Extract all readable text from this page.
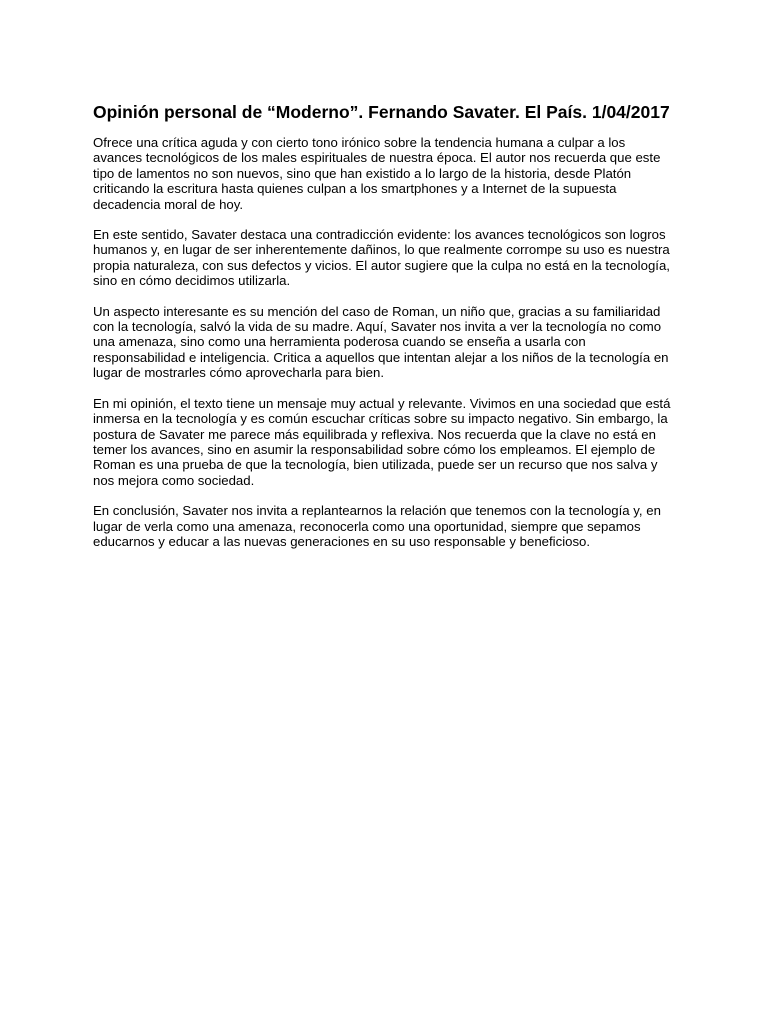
Opinión personal de “Moderno”. Fernando Savater. El País. 1/04/2017

Ofrece una crítica aguda y con cierto tono irónico sobre la tendencia humana a culpar a los avances tecnológicos de los males espirituales de nuestra época. El autor nos recuerda que este tipo de lamentos no son nuevos, sino que han existido a lo largo de la historia, desde Platón criticando la escritura hasta quienes culpan a los smartphones y a Internet de la supuesta decadencia moral de hoy.

En este sentido, Savater destaca una contradicción evidente: los avances tecnológicos son logros humanos y, en lugar de ser inherentemente dañinos, lo que realmente corrompe su uso es nuestra propia naturaleza, con sus defectos y vicios. El autor sugiere que la culpa no está en la tecnología, sino en cómo decidimos utilizarla.

Un aspecto interesante es su mención del caso de Roman, un niño que, gracias a su familiaridad con la tecnología, salvó la vida de su madre. Aquí, Savater nos invita a ver la tecnología no como una amenaza, sino como una herramienta poderosa cuando se enseña a usarla con responsabilidad e inteligencia. Critica a aquellos que intentan alejar a los niños de la tecnología en lugar de mostrarles cómo aprovecharla para bien.

En mi opinión, el texto tiene un mensaje muy actual y relevante. Vivimos en una sociedad que está inmersa en la tecnología y es común escuchar críticas sobre su impacto negativo. Sin embargo, la postura de Savater me parece más equilibrada y reflexiva. Nos recuerda que la clave no está en temer los avances, sino en asumir la responsabilidad sobre cómo los empleamos. El ejemplo de Roman es una prueba de que la tecnología, bien utilizada, puede ser un recurso que nos salva y nos mejora como sociedad.

En conclusión, Savater nos invita a replantearnos la relación que tenemos con la tecnología y, en lugar de verla como una amenaza, reconocerla como una oportunidad, siempre que sepamos educarnos y educar a las nuevas generaciones en su uso responsable y beneficioso.
